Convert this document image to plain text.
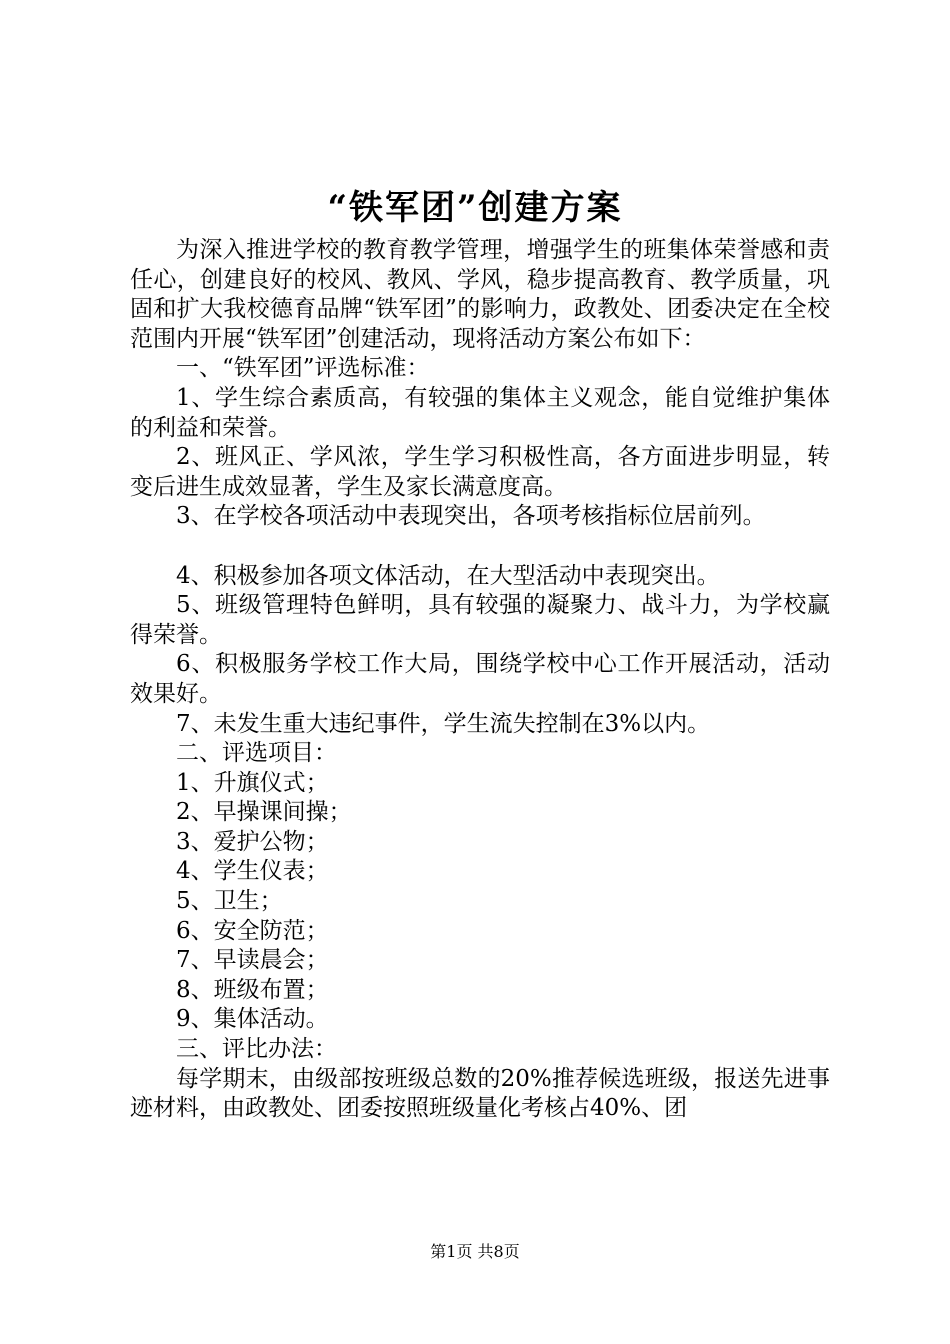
“铁军团”创建方案

为深入推进学校的教育教学管理，增强学生的班集体荣誉感和责任心，创建良好的校风、教风、学风，稳步提高教育、教学质量，巩固和扩大我校德育品牌“铁军团”的影响力，政教处、团委决定在全校范围内开展“铁军团”创建活动，现将活动方案公布如下：

一、“铁军团”评选标准：

1、学生综合素质高，有较强的集体主义观念，能自觉维护集体的利益和荣誉。

2、班风正、学风浓，学生学习积极性高，各方面进步明显，转变后进生成效显著，学生及家长满意度高。

3、在学校各项活动中表现突出，各项考核指标位居前列。

4、积极参加各项文体活动，在大型活动中表现突出。

5、班级管理特色鲜明，具有较强的凝聚力、战斗力，为学校赢得荣誉。

6、积极服务学校工作大局，围绕学校中心工作开展活动，活动效果好。

7、未发生重大违纪事件，学生流失控制在3%以内。

二、评选项目：

1、升旗仪式；

2、早操课间操；

3、爱护公物；

4、学生仪表；

5、卫生；

6、安全防范；

7、早读晨会；

8、班级布置；

9、集体活动。

三、评比办法：

每学期末，由级部按班级总数的20%推荐候选班级，报送先进事迹材料，由政教处、团委按照班级量化考核占40%、团

第1页 共8页
